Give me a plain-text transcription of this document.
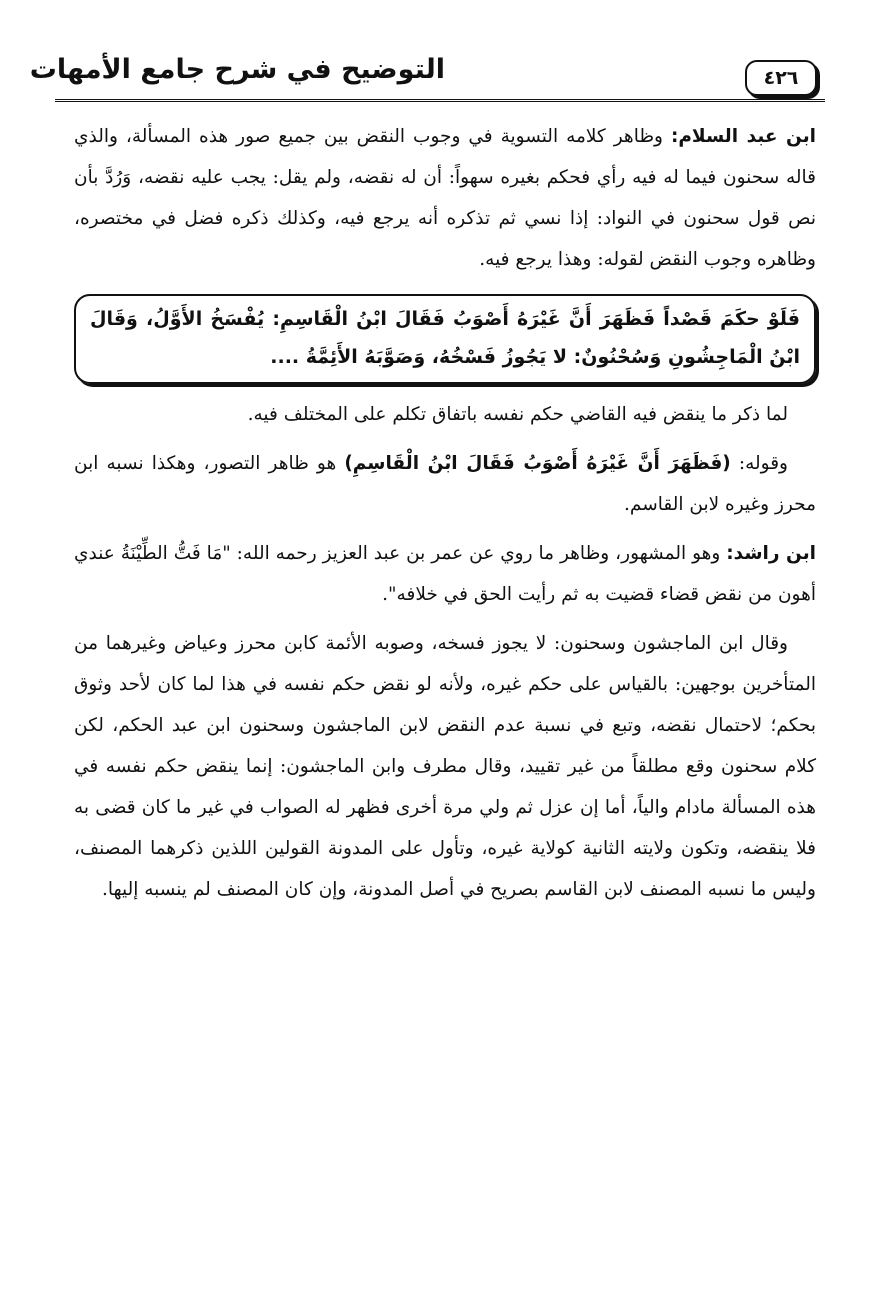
٤٢٦
التوضيح في شرح جامع الأمهات

ابن عبد السلام: وظاهر كلامه التسوية في وجوب النقض بين جميع صور هذه المسألة، والذي قاله سحنون فيما له فيه رأي فحكم بغيره سهواً: أن له نقضه، ولم يقل: يجب عليه نقضه، وَرُدَّ بأن نص قول سحنون في النواد: إذا نسي ثم تذكره أنه يرجع فيه، وكذلك ذكره فضل في مختصره، وظاهره وجوب النقض لقوله: وهذا يرجع فيه.

فَلَوْ حكَمَ قَصْداً فَظَهَرَ أَنَّ غَيْرَهُ أَصْوَبُ فَقَالَ ابْنُ الْقَاسِمِ: يُفْسَخُ الأَوَّلُ، وَقَالَ ابْنُ الْمَاجِشُونِ وَسُحْنُونٌ: لا يَجُوزُ فَسْخُهُ، وَصَوَّبَهُ الأَئِمَّةُ ....

لما ذكر ما ينقض فيه القاضي حكم نفسه باتفاق تكلم على المختلف فيه.

وقوله: (فَظَهَرَ أَنَّ غَيْرَهُ أَصْوَبُ فَقَالَ ابْنُ الْقَاسِمِ) هو ظاهر التصور، وهكذا نسبه ابن محرز وغيره لابن القاسم.

ابن راشد: وهو المشهور، وظاهر ما روي عن عمر بن عبد العزيز رحمه الله: "مَا فَتُّ الطِّيْنَةُ عندي أهون من نقض قضاء قضيت به ثم رأيت الحق في خلافه".

وقال ابن الماجشون وسحنون: لا يجوز فسخه، وصوبه الأئمة كابن محرز وعياض وغيرهما من المتأخرين بوجهين: بالقياس على حكم غيره، ولأنه لو نقض حكم نفسه في هذا لما كان لأحد وثوق بحكم؛ لاحتمال نقضه، وتبع في نسبة عدم النقض لابن الماجشون وسحنون ابن عبد الحكم، لكن كلام سحنون وقع مطلقاً من غير تقييد، وقال مطرف وابن الماجشون: إنما ينقض حكم نفسه في هذه المسألة مادام والياً، أما إن عزل ثم ولي مرة أخرى فظهر له الصواب في غير ما كان قضى به فلا ينقضه، وتكون ولايته الثانية كولاية غيره، وتأول على المدونة القولين اللذين ذكرهما المصنف، وليس ما نسبه المصنف لابن القاسم بصريح في أصل المدونة، وإن كان المصنف لم ينسبه إليها.
